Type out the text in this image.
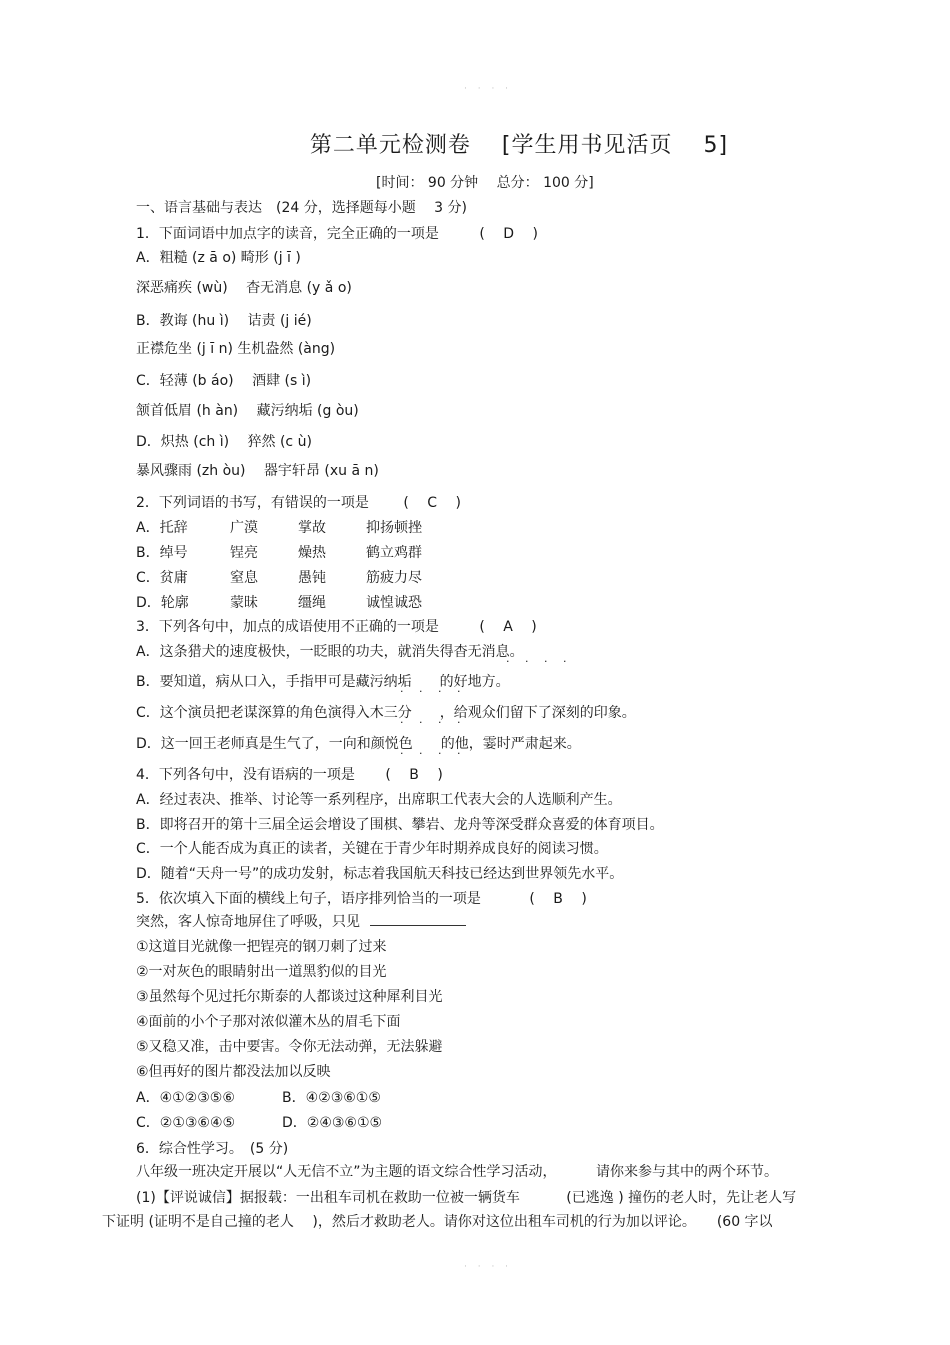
· · · ·
第二单元检测卷　 [学生用书见活页　 5]
[时间： 90 分钟　 总分： 100 分]
一、语言基础与表达　(24 分，选择题每小题　 3 分)
1．下面词语中加点字的读音，完全正确的一项是	(　 D　 )
A．粗糙 (z ā o) 畸形 (j ī )
深恶痛疾 (wù)　 杳无消息 (y ǎ o)
B．教诲 (hu ì)　 诘责 (j ié)
正襟危坐 (j ī n) 生机盎然 (àng)
C．轻薄 (b áo)　 酒肆 (s ì)
颔首低眉 (h àn)　 藏污纳垢 (g òu)
D．炽热 (ch ì)　 猝然 (c ù)
暴风骤雨 (zh òu)　 器宇轩昂 (xu ā n)
2．下列词语的书写，有错误的一项是 (　 C　 )
A．托辞	广漠	掌故	抑扬顿挫
B．绰号	锃亮	燥热	鹤立鸡群
C．贫庸	窒息	愚钝	筋疲力尽
D．轮廓	蒙昧	缰绳	诚惶诚恐
3．下列各句中，加点的成语使用不正确的一项是	(　 A　 )
A．这条猎犬的速度极快，一眨眼的功夫，就消失得杳无消息。
B．要知道，病从口入，手指甲可是藏污纳垢 的好地方。
C．这个演员把老谋深算的角色演得入木三分 ，给观众们留下了深刻的印象。
D．这一回王老师真是生气了，一向和颜悦色 的他，霎时严肃起来。
. . . .
. . . .
. . . .
. . . .
4．下列各句中，没有语病的一项是 (　 B　 )
A．经过表决、推举、讨论等一系列程序，出席职工代表大会的人选顺利产生。
B．即将召开的第十三届全运会增设了围棋、攀岩、龙舟等深受群众喜爱的体育项目。
C．一个人能否成为真正的读者，关键在于青少年时期养成良好的阅读习惯。
D．随着“天舟一号”的成功发射，标志着我国航天科技已经达到世界领先水平。
5．依次填入下面的横线上句子，语序排列恰当的一项是	(　 B　 )
突然，客人惊奇地屏住了呼吸，只见
①这道目光就像一把锃亮的钢刀刺了过来
②一对灰色的眼睛射出一道黑豹似的目光
③虽然每个见过托尔斯泰的人都谈过这种犀利目光
④面前的小个子那对浓似灌木丛的眉毛下面
⑤又稳又准，击中要害。令你无法动弹，无法躲避
⑥但再好的图片都没法加以反映
A．④①②③⑤⑥	B．④②③⑥①⑤
C．②①③⑥④⑤	D．②④③⑥①⑤
6．综合性学习。　(5 分)
八年级一班决定开展以“人无信不立”为主题的语文综合性学习活动，　　　 请你来参与其中的两个环节。
(1)【评说诚信】据报载：一出租车司机在救助一位被一辆货车　　　 (已逃逸 ) 撞伤的老人时，先让老人写
下证明 (证明不是自己撞的老人　 )，然后才救助老人。请你对这位出租车司机的行为加以评论。　　(60 字以
· · · ·
